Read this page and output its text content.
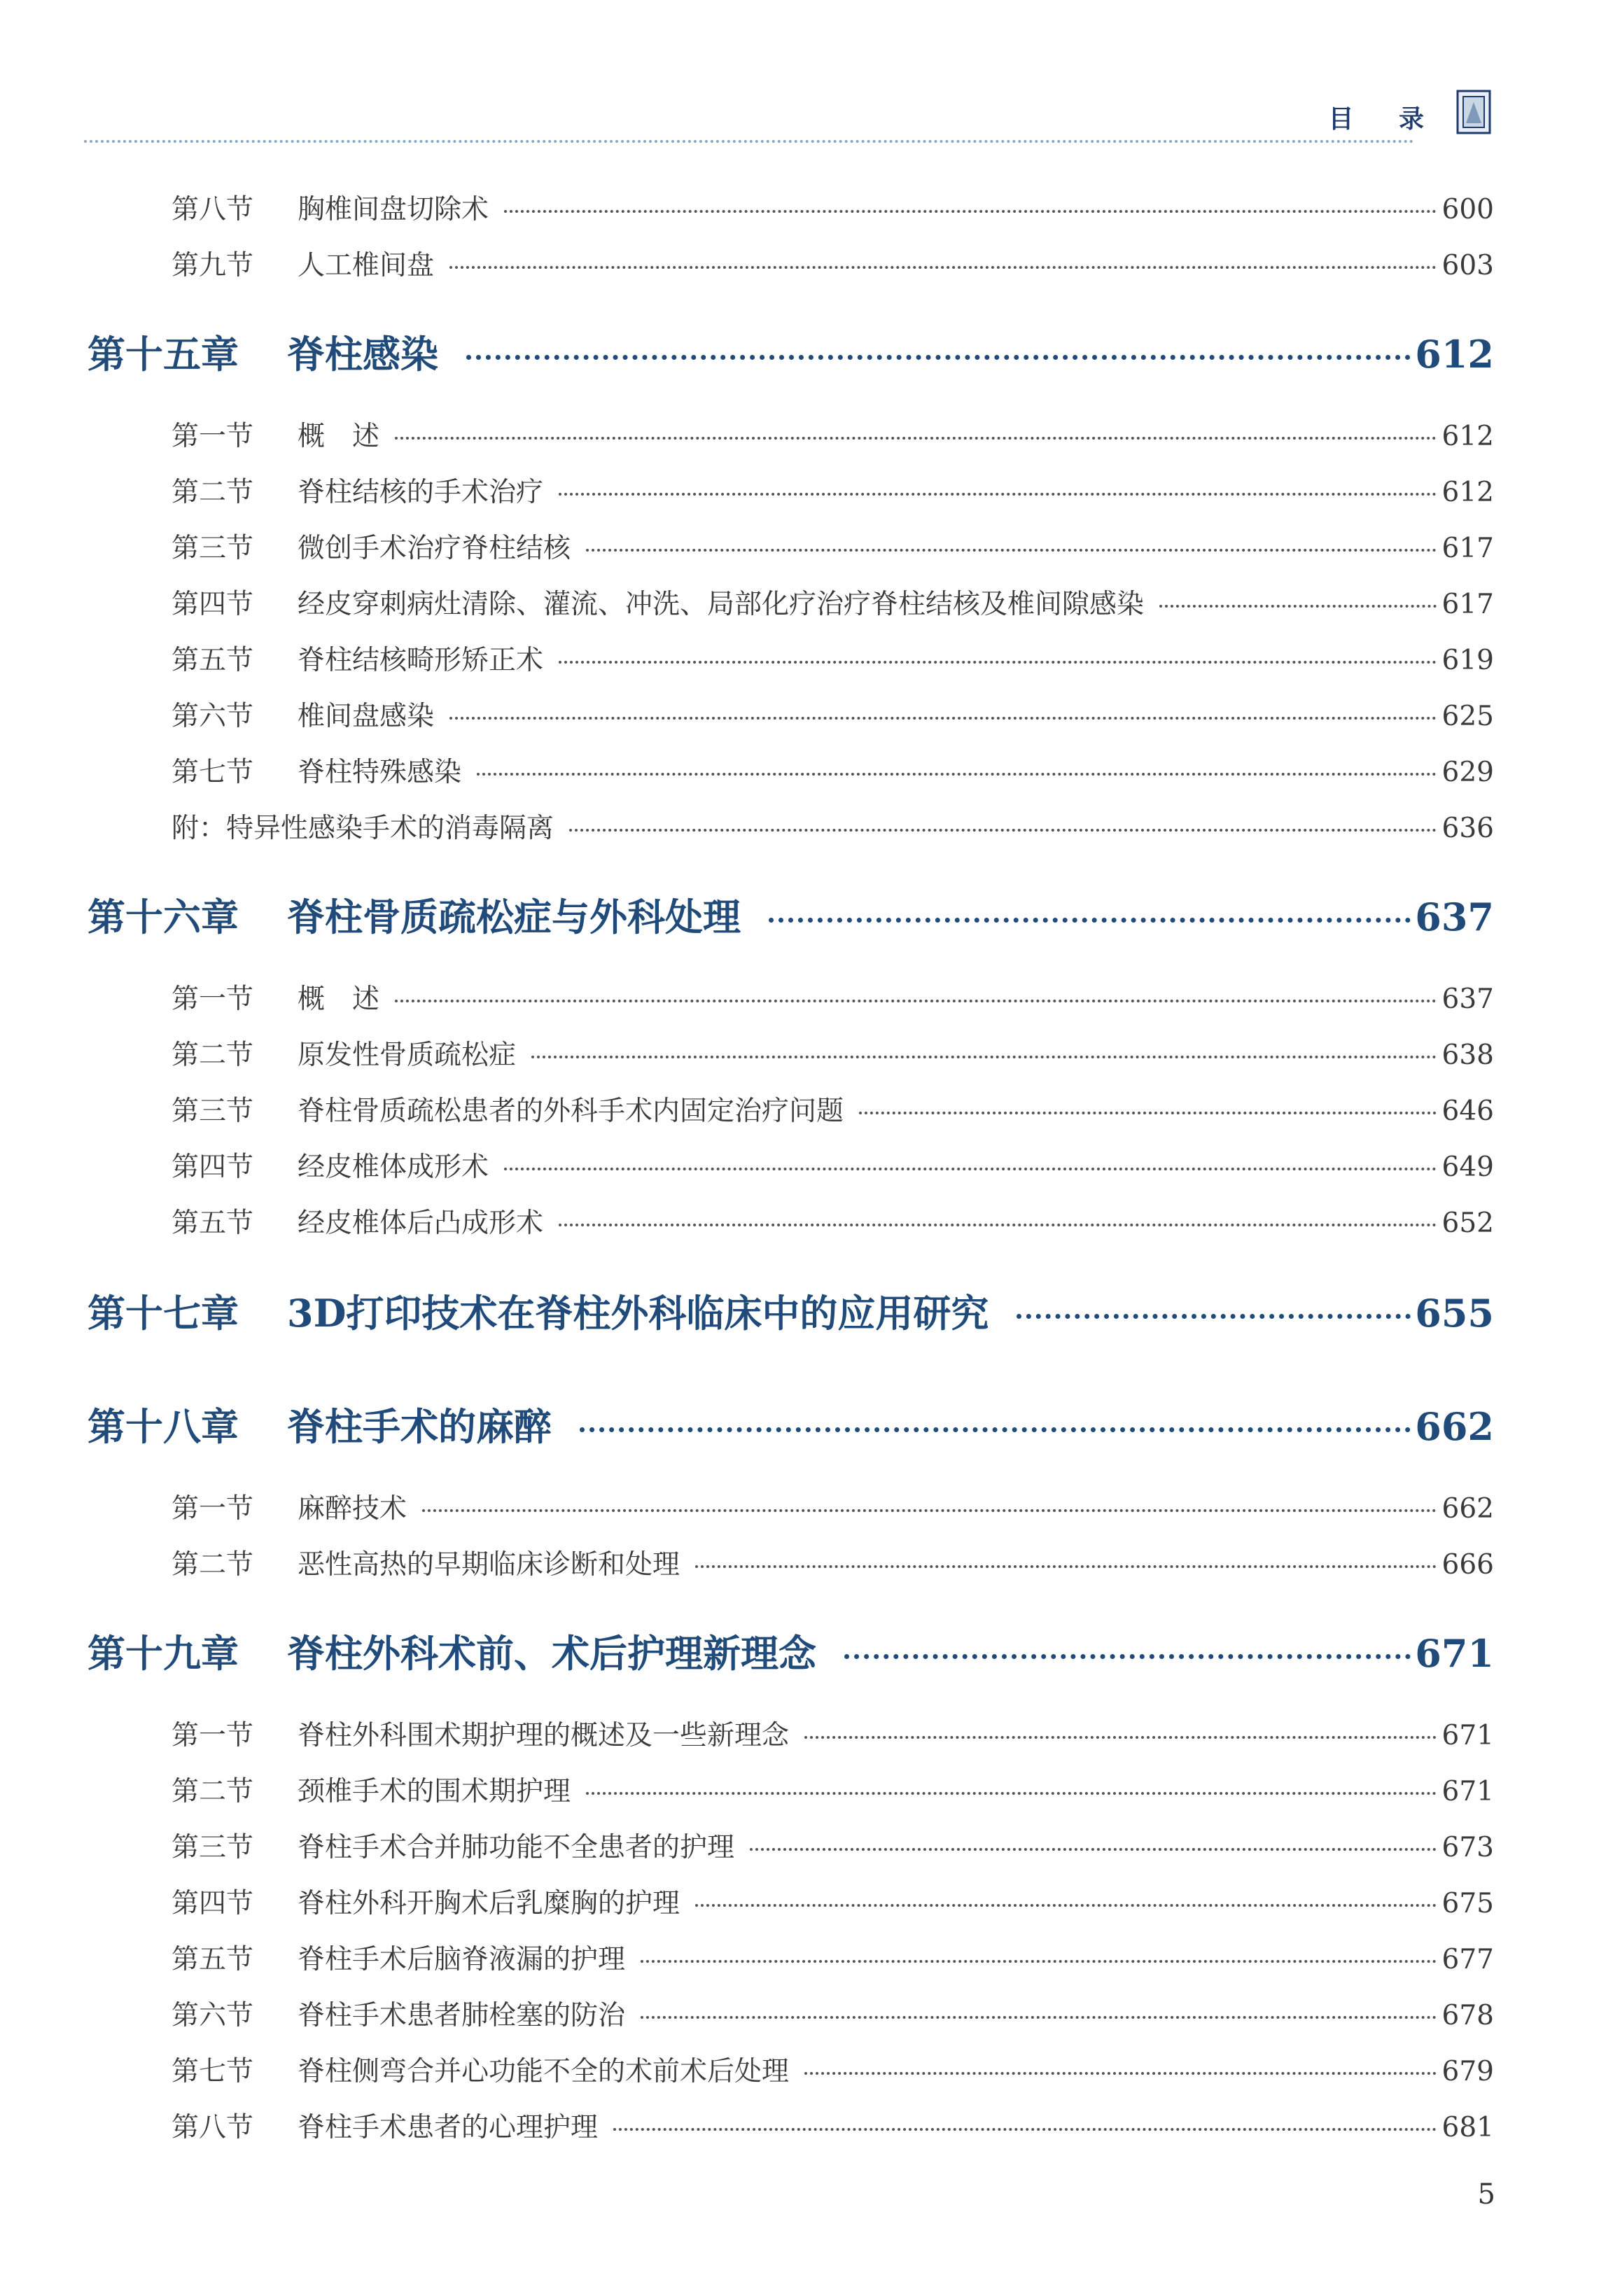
目 录
第八节	胸椎间盘切除术	600
第九节	人工椎间盘	603
第十五章	脊柱感染	612
第一节	概　述	612
第二节	脊柱结核的手术治疗	612
第三节	微创手术治疗脊柱结核	617
第四节	经皮穿刺病灶清除、灌流、冲洗、局部化疗治疗脊柱结核及椎间隙感染	617
第五节	脊柱结核畸形矫正术	619
第六节	椎间盘感染	625
第七节	脊柱特殊感染	629
附：特异性感染手术的消毒隔离	636
第十六章	脊柱骨质疏松症与外科处理	637
第一节	概　述	637
第二节	原发性骨质疏松症	638
第三节	脊柱骨质疏松患者的外科手术内固定治疗问题	646
第四节	经皮椎体成形术	649
第五节	经皮椎体后凸成形术	652
第十七章	3D打印技术在脊柱外科临床中的应用研究	655
第十八章	脊柱手术的麻醉	662
第一节	麻醉技术	662
第二节	恶性高热的早期临床诊断和处理	666
第十九章	脊柱外科术前、术后护理新理念	671
第一节	脊柱外科围术期护理的概述及一些新理念	671
第二节	颈椎手术的围术期护理	671
第三节	脊柱手术合并肺功能不全患者的护理	673
第四节	脊柱外科开胸术后乳糜胸的护理	675
第五节	脊柱手术后脑脊液漏的护理	677
第六节	脊柱手术患者肺栓塞的防治	678
第七节	脊柱侧弯合并心功能不全的术前术后处理	679
第八节	脊柱手术患者的心理护理	681
5
